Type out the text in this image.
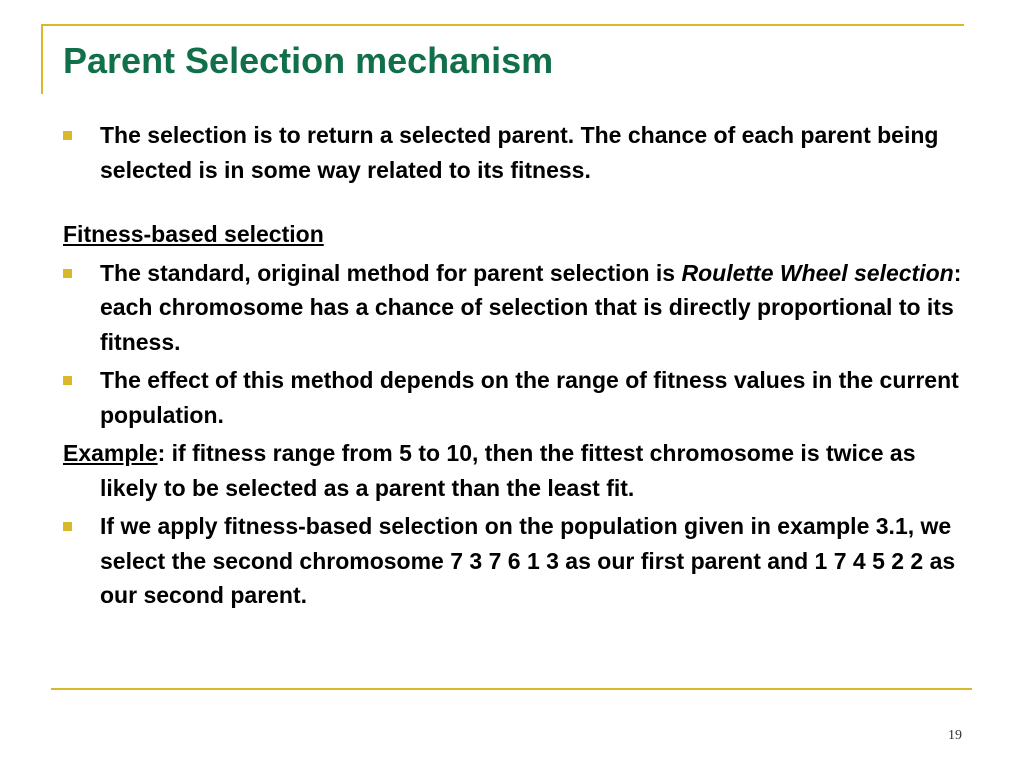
Parent Selection mechanism
The selection is to return a selected parent. The chance of each parent being selected is in some way related to its fitness.
Fitness-based selection
The standard, original method for parent selection is Roulette Wheel selection: each chromosome has a chance of selection that is directly proportional to its fitness.
The effect of this method depends on the range of fitness values in the current population.
Example: if fitness range from 5 to 10, then the fittest chromosome is twice as likely to be selected as a parent than the least fit.
If we apply fitness-based selection on the population given in example 3.1, we select the second chromosome 7 3 7 6 1 3 as our first parent and 1 7 4 5 2 2 as our second parent.
19
